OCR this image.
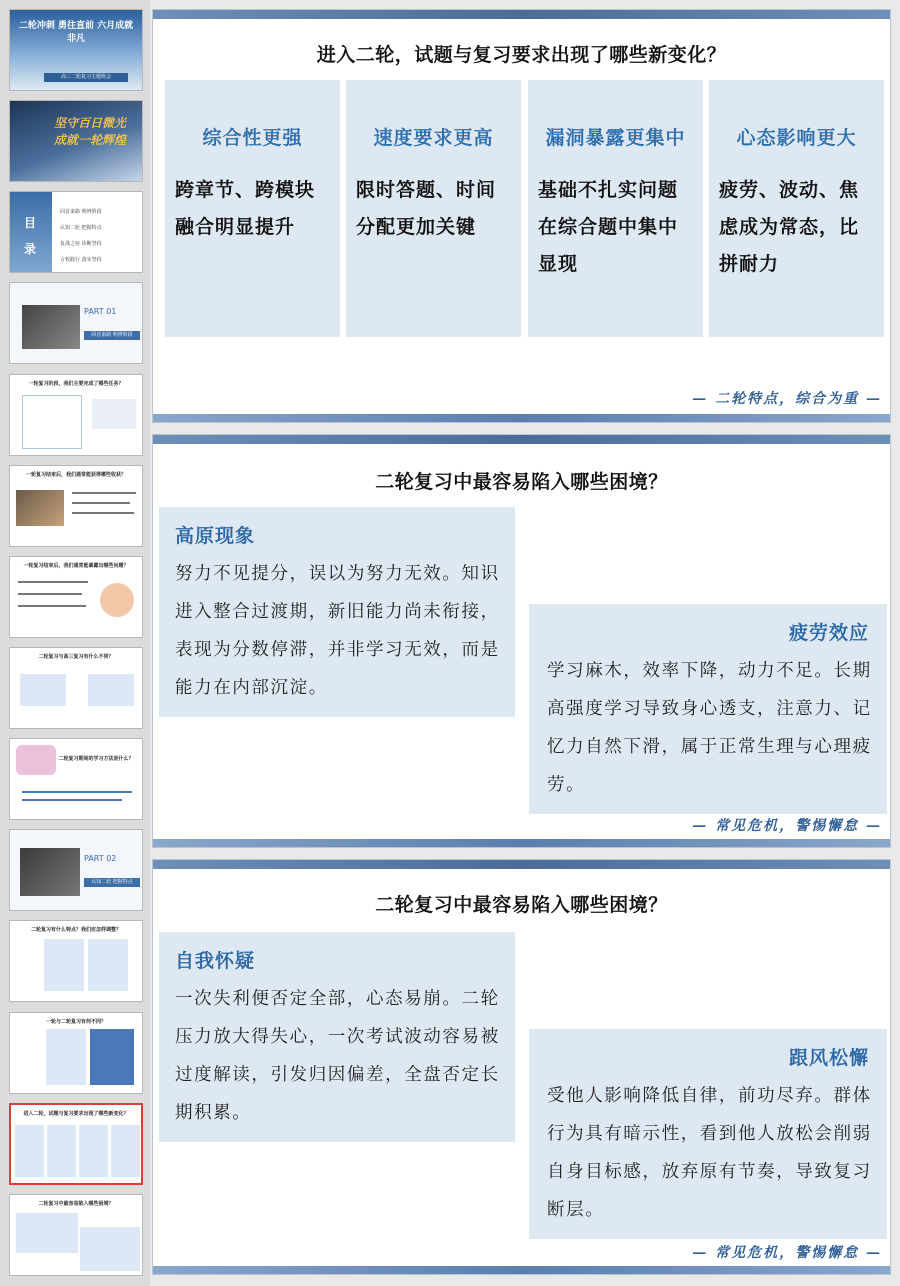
二轮冲刺 勇往直前 六月成就非凡
高三二轮复习主题班会
坚守百日微光 成就一轮辉煌
目录
回首来路 明辨阶段
认知二轮 把握特点
复战之症 诊断坚持
言校践行 落实坚持
PART 01
回首来路 明辨阶段
一轮复习阶段，我们主要完成了哪些任务？
一轮复习结束后，我们通常能获得哪些收获？
一轮复习结束后，我们通常能暴露出哪些问题？
二轮复习与高三复习有什么不同？
二轮复习期间的学习方法是什么？
PART 02
认知二轮 把握特点
二轮复习有什么特点？我们应怎样调整？
一轮与二轮复习有何不同？
进入二轮，试题与复习要求出现了哪些新变化？
二轮复习中最容易陷入哪些困境？
进入二轮，试题与复习要求出现了哪些新变化？
综合性更强
跨章节、跨模块融合明显提升
速度要求更高
限时答题、时间分配更加关键
漏洞暴露更集中
基础不扎实问题在综合题中集中显现
心态影响更大
疲劳、波动、焦虑成为常态，比拼耐力
— 二轮特点，综合为重 —
二轮复习中最容易陷入哪些困境？
高原现象
努力不见提分，误以为努力无效。知识进入整合过渡期，新旧能力尚未衔接，表现为分数停滞，并非学习无效，而是能力在内部沉淀。
疲劳效应
学习麻木，效率下降，动力不足。长期高强度学习导致身心透支，注意力、记忆力自然下滑，属于正常生理与心理疲劳。
— 常见危机，警惕懈怠 —
二轮复习中最容易陷入哪些困境？
自我怀疑
一次失利便否定全部，心态易崩。二轮压力放大得失心，一次考试波动容易被过度解读，引发归因偏差，全盘否定长期积累。
跟风松懈
受他人影响降低自律，前功尽弃。群体行为具有暗示性，看到他人放松会削弱自身目标感，放弃原有节奏，导致复习断层。
— 常见危机，警惕懈怠 —
